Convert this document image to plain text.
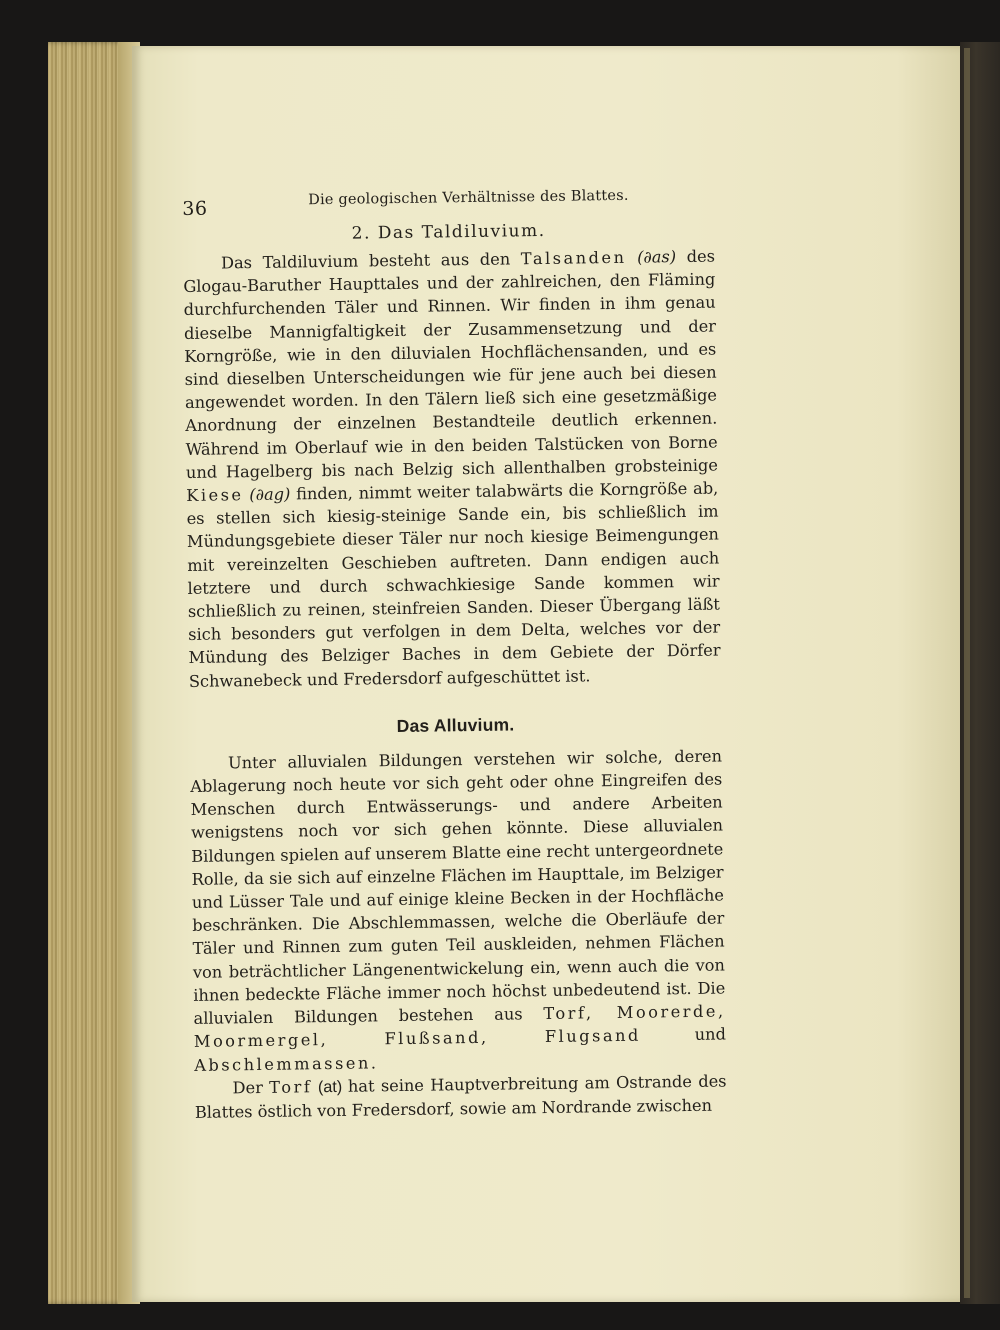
36	Die geologischen Verhältnisse des Blattes.
2. Das Taldiluvium.

Das Taldiluvium besteht aus den Talsanden (∂as) des Glogau-Baruther Haupttales und der zahlreichen, den Fläming durchfurchenden Täler und Rinnen. Wir finden in ihm genau dieselbe Mannigfaltigkeit der Zusammensetzung und der Korngröße, wie in den diluvialen Hochflächensanden, und es sind dieselben Unterscheidungen wie für jene auch bei diesen angewendet worden. In den Tälern ließ sich eine gesetzmäßige Anordnung der einzelnen Bestandteile deutlich erkennen. Während im Oberlauf wie in den beiden Talstücken von Borne und Hagelberg bis nach Belzig sich allenthalben grobsteinige Kiese (∂ag) finden, nimmt weiter talabwärts die Korngröße ab, es stellen sich kiesig-steinige Sande ein, bis schließlich im Mündungsgebiete dieser Täler nur noch kiesige Beimengungen mit vereinzelten Geschieben auftreten. Dann endigen auch letztere und durch schwachkiesige Sande kommen wir schließlich zu reinen, steinfreien Sanden. Dieser Übergang läßt sich besonders gut verfolgen in dem Delta, welches vor der Mündung des Belziger Baches in dem Gebiete der Dörfer Schwanebeck und Fredersdorf aufgeschüttet ist.

Das Alluvium.

Unter alluvialen Bildungen verstehen wir solche, deren Ablagerung noch heute vor sich geht oder ohne Eingreifen des Menschen durch Entwässerungs- und andere Arbeiten wenigstens noch vor sich gehen könnte. Diese alluvialen Bildungen spielen auf unserem Blatte eine recht untergeordnete Rolle, da sie sich auf einzelne Flächen im Haupttale, im Belziger und Lüsser Tale und auf einige kleine Becken in der Hochfläche beschränken. Die Abschlemmassen, welche die Oberläufe der Täler und Rinnen zum guten Teil auskleiden, nehmen Flächen von beträchtlicher Längenentwickelung ein, wenn auch die von ihnen bedeckte Fläche immer noch höchst unbedeutend ist. Die alluvialen Bildungen bestehen aus Torf, Moorerde, Moormergel, Flußsand, Flugsand und Abschlemmassen.

Der Torf (at) hat seine Hauptverbreitung am Ostrande des Blattes östlich von Fredersdorf, sowie am Nordrande zwischen
